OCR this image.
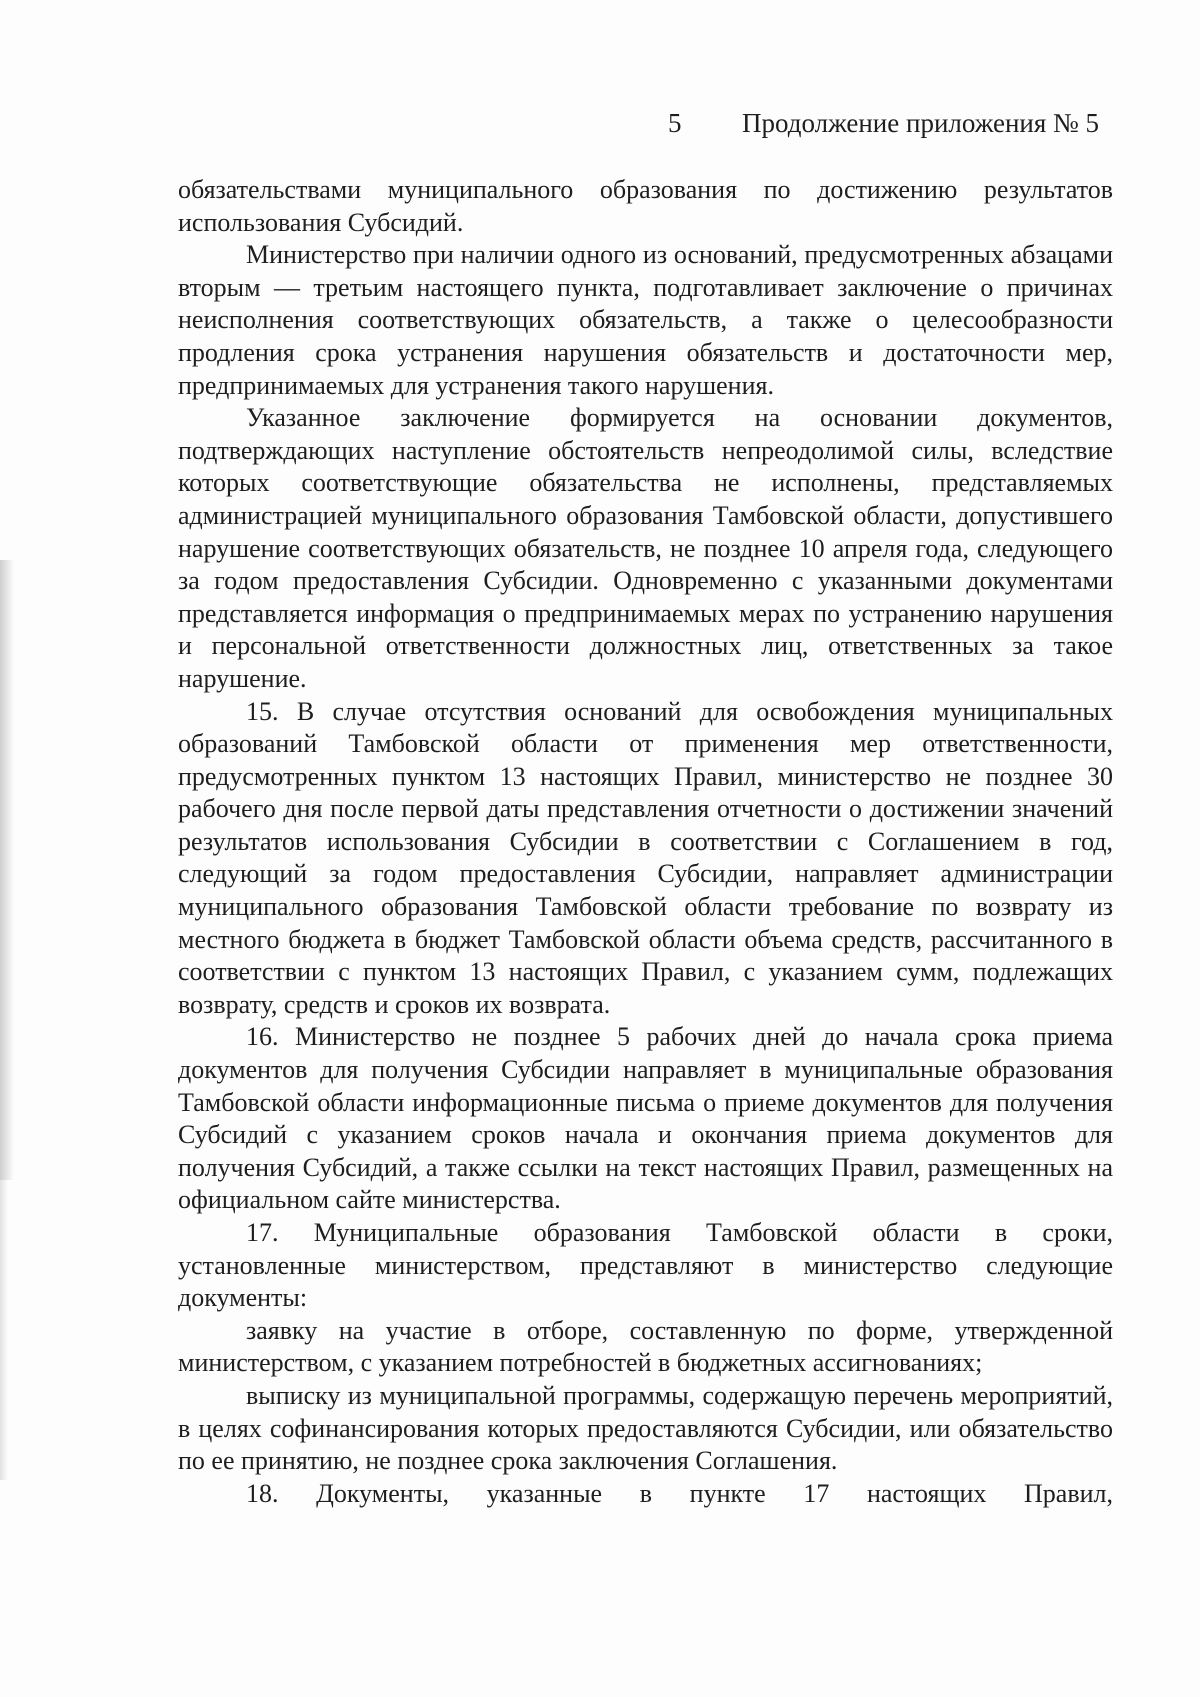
5 Продолжение приложения № 5

обязательствами муниципального образования по достижению результатов использования Субсидий.

Министерство при наличии одного из оснований, предусмотренных абзацами вторым — третьим настоящего пункта, подготавливает заключение о причинах неисполнения соответствующих обязательств, а также о целесообразности продления срока устранения нарушения обязательств и достаточности мер, предпринимаемых для устранения такого нарушения.

Указанное заключение формируется на основании документов, подтверждающих наступление обстоятельств непреодолимой силы, вследствие которых соответствующие обязательства не исполнены, представляемых администрацией муниципального образования Тамбовской области, допустившего нарушение соответствующих обязательств, не позднее 10 апреля года, следующего за годом предоставления Субсидии. Одновременно с указанными документами представляется информация о предпринимаемых мерах по устранению нарушения и персональной ответственности должностных лиц, ответственных за такое нарушение.

15. В случае отсутствия оснований для освобождения муниципальных образований Тамбовской области от применения мер ответственности, предусмотренных пунктом 13 настоящих Правил, министерство не позднее 30 рабочего дня после первой даты представления отчетности о достижении значений результатов использования Субсидии в соответствии с Соглашением в год, следующий за годом предоставления Субсидии, направляет администрации муниципального образования Тамбовской области требование по возврату из местного бюджета в бюджет Тамбовской области объема средств, рассчитанного в соответствии с пунктом 13 настоящих Правил, с указанием сумм, подлежащих возврату, средств и сроков их возврата.

16. Министерство не позднее 5 рабочих дней до начала срока приема документов для получения Субсидии направляет в муниципальные образования Тамбовской области информационные письма о приеме документов для получения Субсидий с указанием сроков начала и окончания приема документов для получения Субсидий, а также ссылки на текст настоящих Правил, размещенных на официальном сайте министерства.

17. Муниципальные образования Тамбовской области в сроки, установленные министерством, представляют в министерство следующие документы:

заявку на участие в отборе, составленную по форме, утвержденной министерством, с указанием потребностей в бюджетных ассигнованиях;

выписку из муниципальной программы, содержащую перечень мероприятий, в целях софинансирования которых предоставляются Субсидии, или обязательство по ее принятию, не позднее срока заключения Соглашения.

18. Документы, указанные в пункте 17 настоящих Правил,
